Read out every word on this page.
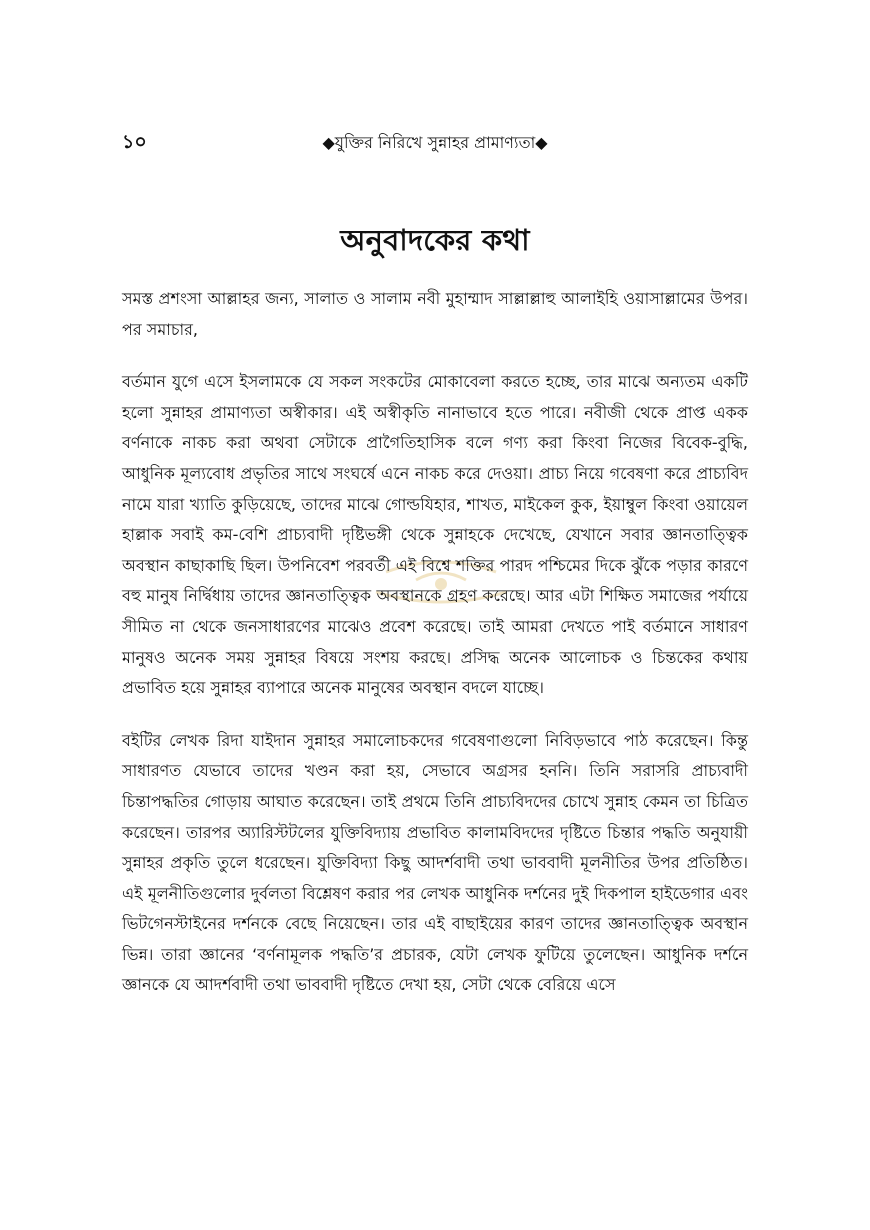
১০	◆যুক্তির নিরিখে সুন্নাহর প্রামাণ্যতা◆
অনুবাদকের কথা

সমস্ত প্রশংসা আল্লাহর জন্য, সালাত ও সালাম নবী মুহাম্মাদ সাল্লাল্লাহু আলাইহি ওয়াসাল্লামের উপর। পর সমাচার,

বর্তমান যুগে এসে ইসলামকে যে সকল সংকটের মোকাবেলা করতে হচ্ছে, তার মাঝে অন্যতম একটি হলো সুন্নাহর প্রামাণ্যতা অস্বীকার। এই অস্বীকৃতি নানাভাবে হতে পারে। নবীজী থেকে প্রাপ্ত একক বর্ণনাকে নাকচ করা অথবা সেটাকে প্রাগৈতিহাসিক বলে গণ্য করা কিংবা নিজের বিবেক-বুদ্ধি, আধুনিক মূল্যবোধ প্রভৃতির সাথে সংঘর্ষে এনে নাকচ করে দেওয়া। প্রাচ্য নিয়ে গবেষণা করে প্রাচ্যবিদ নামে যারা খ্যাতি কুড়িয়েছে, তাদের মাঝে গোল্ডযিহার, শাখত, মাইকেল কুক, ইয়াম্বুল কিংবা ওয়ায়েল হাল্লাক সবাই কম-বেশি প্রাচ্যবাদী দৃষ্টিভঙ্গী থেকে সুন্নাহকে দেখেছে, যেখানে সবার জ্ঞানতাত্ত্বিক অবস্থান কাছাকাছি ছিল। উপনিবেশ পরবর্তী এই বিশ্বে শক্তির পারদ পশ্চিমের দিকে ঝুঁকে পড়ার কারণে বহু মানুষ নির্দ্বিধায় তাদের জ্ঞানতাত্ত্বিক অবস্থানকে গ্রহণ করেছে। আর এটা শিক্ষিত সমাজের পর্যায়ে সীমিত না থেকে জনসাধারণের মাঝেও প্রবেশ করেছে। তাই আমরা দেখতে পাই বর্তমানে সাধারণ মানুষও অনেক সময় সুন্নাহর বিষয়ে সংশয় করছে। প্রসিদ্ধ অনেক আলোচক ও চিন্তকের কথায় প্রভাবিত হয়ে সুন্নাহর ব্যাপারে অনেক মানুষের অবস্থান বদলে যাচ্ছে।

বইটির লেখক রিদা যাইদান সুন্নাহর সমালোচকদের গবেষণাগুলো নিবিড়ভাবে পাঠ করেছেন। কিন্তু সাধারণত যেভাবে তাদের খণ্ডন করা হয়, সেভাবে অগ্রসর হননি। তিনি সরাসরি প্রাচ্যবাদী চিন্তাপদ্ধতির গোড়ায় আঘাত করেছেন। তাই প্রথমে তিনি প্রাচ্যবিদদের চোখে সুন্নাহ কেমন তা চিত্রিত করেছেন। তারপর অ্যারিস্টটলের যুক্তিবিদ্যায় প্রভাবিত কালামবিদদের দৃষ্টিতে চিন্তার পদ্ধতি অনুযায়ী সুন্নাহর প্রকৃতি তুলে ধরেছেন। যুক্তিবিদ্যা কিছু আদর্শবাদী তথা ভাববাদী মূলনীতির উপর প্রতিষ্ঠিত। এই মূলনীতিগুলোর দুর্বলতা বিশ্লেষণ করার পর লেখক আধুনিক দর্শনের দুই দিকপাল হাইডেগার এবং ভিটগেনস্টাইনের দর্শনকে বেছে নিয়েছেন। তার এই বাছাইয়ের কারণ তাদের জ্ঞানতাত্ত্বিক অবস্থান ভিন্ন। তারা জ্ঞানের ‘বর্ণনামূলক পদ্ধতি’র প্রচারক, যেটা লেখক ফুটিয়ে তুলেছেন। আধুনিক দর্শনে জ্ঞানকে যে আদর্শবাদী তথা ভাববাদী দৃষ্টিতে দেখা হয়, সেটা থেকে বেরিয়ে এসে
